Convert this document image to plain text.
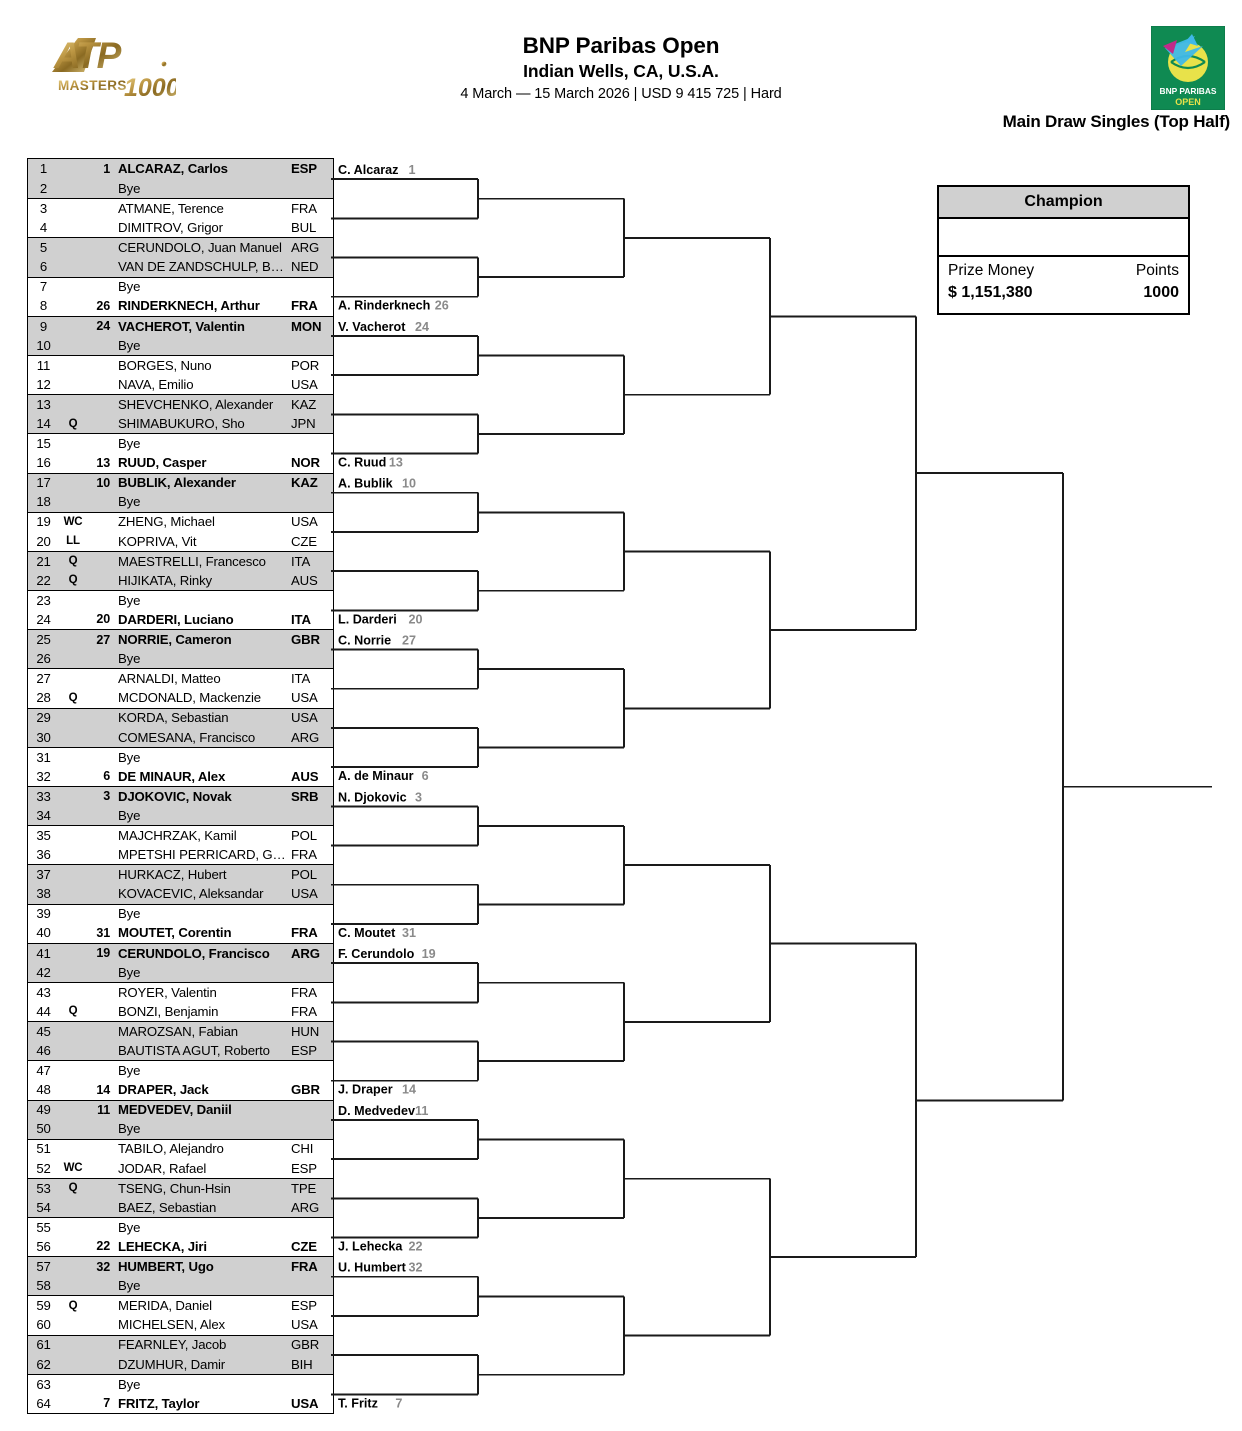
ATP
MASTERS
1000
BNP Paribas Open
Indian Wells, CA, U.S.A.
4 March — 15 March 2026 | USD 9 415 725 | Hard	BNP PARIBAS
OPEN
Main Draw Singles (Top Half)
Champion
Prize Money	Points
$ 1,151,380	1000
1	1 ALCARAZ, Carlos	ESP
2	Bye
3	ATMANE, Terence	FRA
4	DIMITROV, Grigor	BUL
5	CERUNDOLO, Juan Manuel ARG
6	VAN DE ZANDSCHULP, B… NED
7	Bye
8	26 RINDERKNECH, Arthur	FRA
9	24 VACHEROT, Valentin	MON
10	Bye
11	BORGES, Nuno	POR
12	NAVA, Emilio	USA
13	SHEVCHENKO, Alexander	KAZ
14	Q	SHIMABUKURO, Sho	JPN
15	Bye
16	13 RUUD, Casper	NOR
17	10 BUBLIK, Alexander	KAZ
18	Bye
19	WC	ZHENG, Michael	USA
20	LL	KOPRIVA, Vit	CZE
21	Q	MAESTRELLI, Francesco	ITA
22	Q	HIJIKATA, Rinky	AUS
23	Bye
24	20 DARDERI, Luciano	ITA
25	27 NORRIE, Cameron	GBR
26	Bye
27	ARNALDI, Matteo	ITA
28	Q	MCDONALD, Mackenzie	USA
29	KORDA, Sebastian	USA
30	COMESANA, Francisco	ARG
31	Bye
32	6 DE MINAUR, Alex	AUS
33	3 DJOKOVIC, Novak	SRB
34	Bye
35	MAJCHRZAK, Kamil	POL
36	MPETSHI PERRICARD, G… FRA
37	HURKACZ, Hubert	POL
38	KOVACEVIC, Aleksandar	USA
39	Bye
40	31 MOUTET, Corentin	FRA
41	19 CERUNDOLO, Francisco	ARG
42	Bye
43	ROYER, Valentin	FRA
44	Q	BONZI, Benjamin	FRA
45	MAROZSAN, Fabian	HUN
46	BAUTISTA AGUT, Roberto	ESP
47	Bye
48	14 DRAPER, Jack	GBR
49	11 MEDVEDEV, Daniil
50	Bye
51	TABILO, Alejandro	CHI
52	WC	JODAR, Rafael	ESP
53	Q	TSENG, Chun-Hsin	TPE
54	BAEZ, Sebastian	ARG
55	Bye
56	22 LEHECKA, Jiri	CZE
57	32 HUMBERT, Ugo	FRA
58	Bye
59	Q	MERIDA, Daniel	ESP
60	MICHELSEN, Alex	USA
61	FEARNLEY, Jacob	GBR
62	DZUMHUR, Damir	BIH
63	Bye
64	7 FRITZ, Taylor	USA
C. Alcaraz 1
A. Rinderknech 26
V. Vacherot 24
C. Ruud 13
A. Bublik 10
L. Darderi 20
C. Norrie 27
A. de Minaur 6
N. Djokovic 3
C. Moutet 31
F. Cerundolo 19
J. Draper 14
D. Medvedev 11
J. Lehecka 22
U. Humbert 32
T. Fritz 7
